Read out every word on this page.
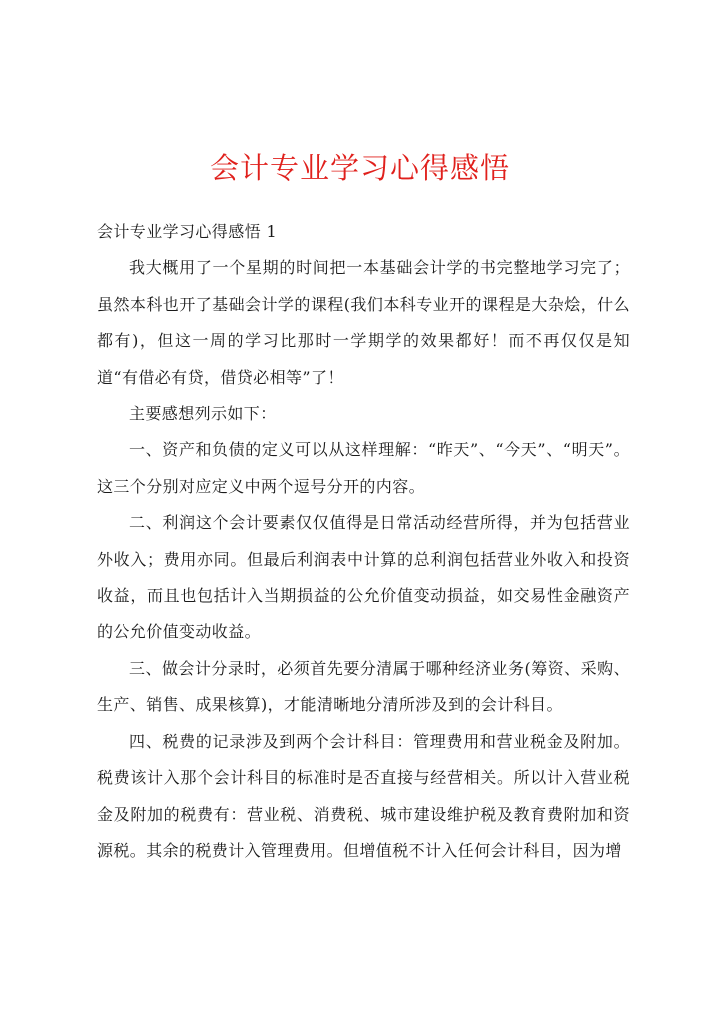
会计专业学习心得感悟

会计专业学习心得感悟 1

我大概用了一个星期的时间把一本基础会计学的书完整地学习完了；虽然本科也开了基础会计学的课程(我们本科专业开的课程是大杂烩，什么都有)，但这一周的学习比那时一学期学的效果都好！而不再仅仅是知道“有借必有贷，借贷必相等”了！

主要感想列示如下：

一、资产和负债的定义可以从这样理解：“昨天”、“今天”、“明天”。这三个分别对应定义中两个逗号分开的内容。

二、利润这个会计要素仅仅值得是日常活动经营所得，并为包括营业外收入；费用亦同。但最后利润表中计算的总利润包括营业外收入和投资收益，而且也包括计入当期损益的公允价值变动损益，如交易性金融资产的公允价值变动收益。

三、做会计分录时，必须首先要分清属于哪种经济业务(筹资、采购、生产、销售、成果核算)，才能清晰地分清所涉及到的会计科目。

四、税费的记录涉及到两个会计科目：管理费用和营业税金及附加。税费该计入那个会计科目的标准时是否直接与经营相关。所以计入营业税金及附加的税费有：营业税、消费税、城市建设维护税及教育费附加和资源税。其余的税费计入管理费用。但增值税不计入任何会计科目，因为增
